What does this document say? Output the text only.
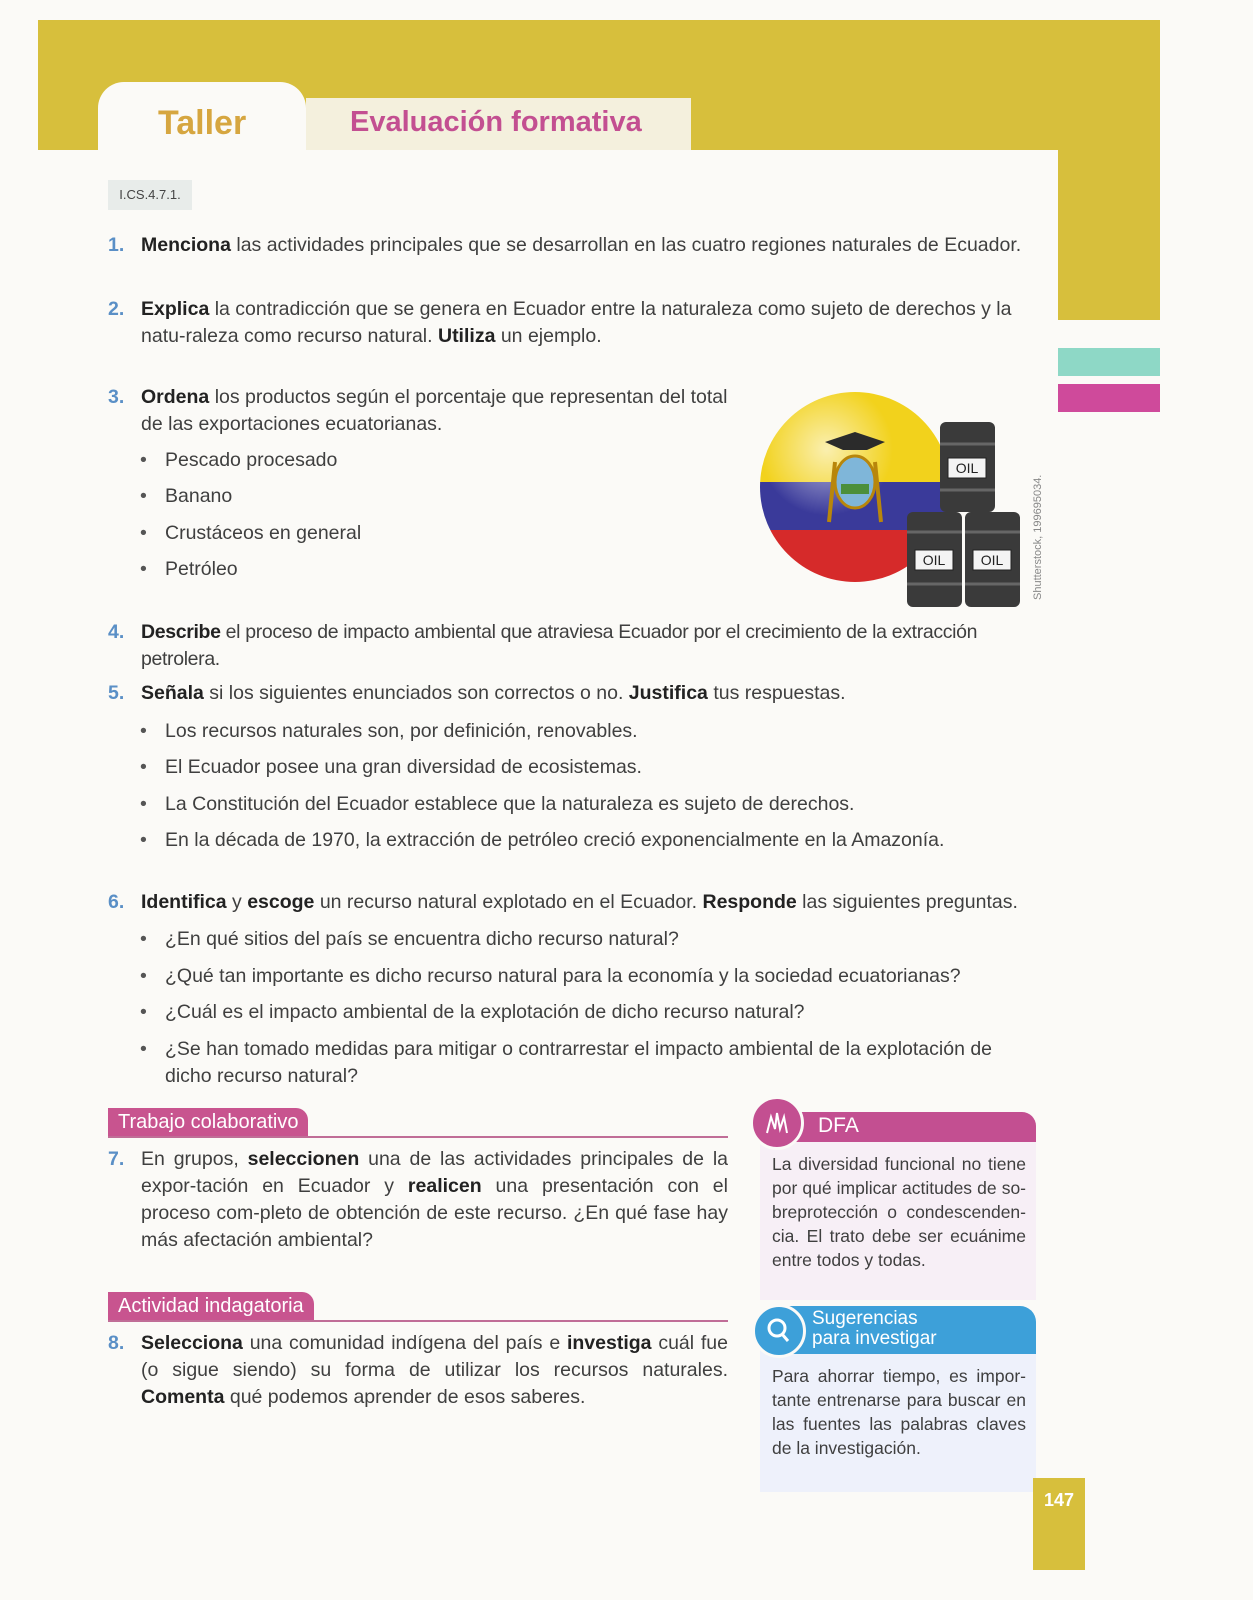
Taller	Evaluación formativa
I.CS.4.7.1.
1. Menciona las actividades principales que se desarrollan en las cuatro regiones naturales de Ecuador.
2. Explica la contradicción que se genera en Ecuador entre la naturaleza como sujeto de derechos y la natu-raleza como recurso natural. Utiliza un ejemplo.
3. Ordena los productos según el porcentaje que representan del total de las exportaciones ecuatorianas.
• Pescado procesado
• Banano
• Crustáceos en general
• Petróleo
OIL
OIL	OIL	Shutterstock, 199695034.
4. Describe el proceso de impacto ambiental que atraviesa Ecuador por el crecimiento de la extracción petrolera.
5. Señala si los siguientes enunciados son correctos o no. Justifica tus respuestas.
• Los recursos naturales son, por definición, renovables.
• El Ecuador posee una gran diversidad de ecosistemas.
• La Constitución del Ecuador establece que la naturaleza es sujeto de derechos.
• En la década de 1970, la extracción de petróleo creció exponencialmente en la Amazonía.
6. Identifica y escoge un recurso natural explotado en el Ecuador. Responde las siguientes preguntas.
• ¿En qué sitios del país se encuentra dicho recurso natural?
• ¿Qué tan importante es dicho recurso natural para la economía y la sociedad ecuatorianas?
• ¿Cuál es el impacto ambiental de la explotación de dicho recurso natural?
• ¿Se han tomado medidas para mitigar o contrarrestar el impacto ambiental de la explotación de dicho recurso natural?
Trabajo colaborativo
7. En grupos, seleccionen una de las actividades principales de la expor-tación en Ecuador y realicen una presentación con el proceso com-pleto de obtención de este recurso. ¿En qué fase hay más afectación ambiental?
Actividad indagatoria
8. Selecciona una comunidad indígena del país e investiga cuál fue (o sigue siendo) su forma de utilizar los recursos naturales. Comenta qué podemos aprender de esos saberes.

La diversidad funcional no tiene por qué implicar actitudes de so-breprotección o condescenden-cia. El trato debe ser ecuánime entre todos y todas.

DFA

Para ahorrar tiempo, es impor-tante entrenarse para buscar en las fuentes las palabras claves de la investigación.

Sugerencias
para investigar
147
